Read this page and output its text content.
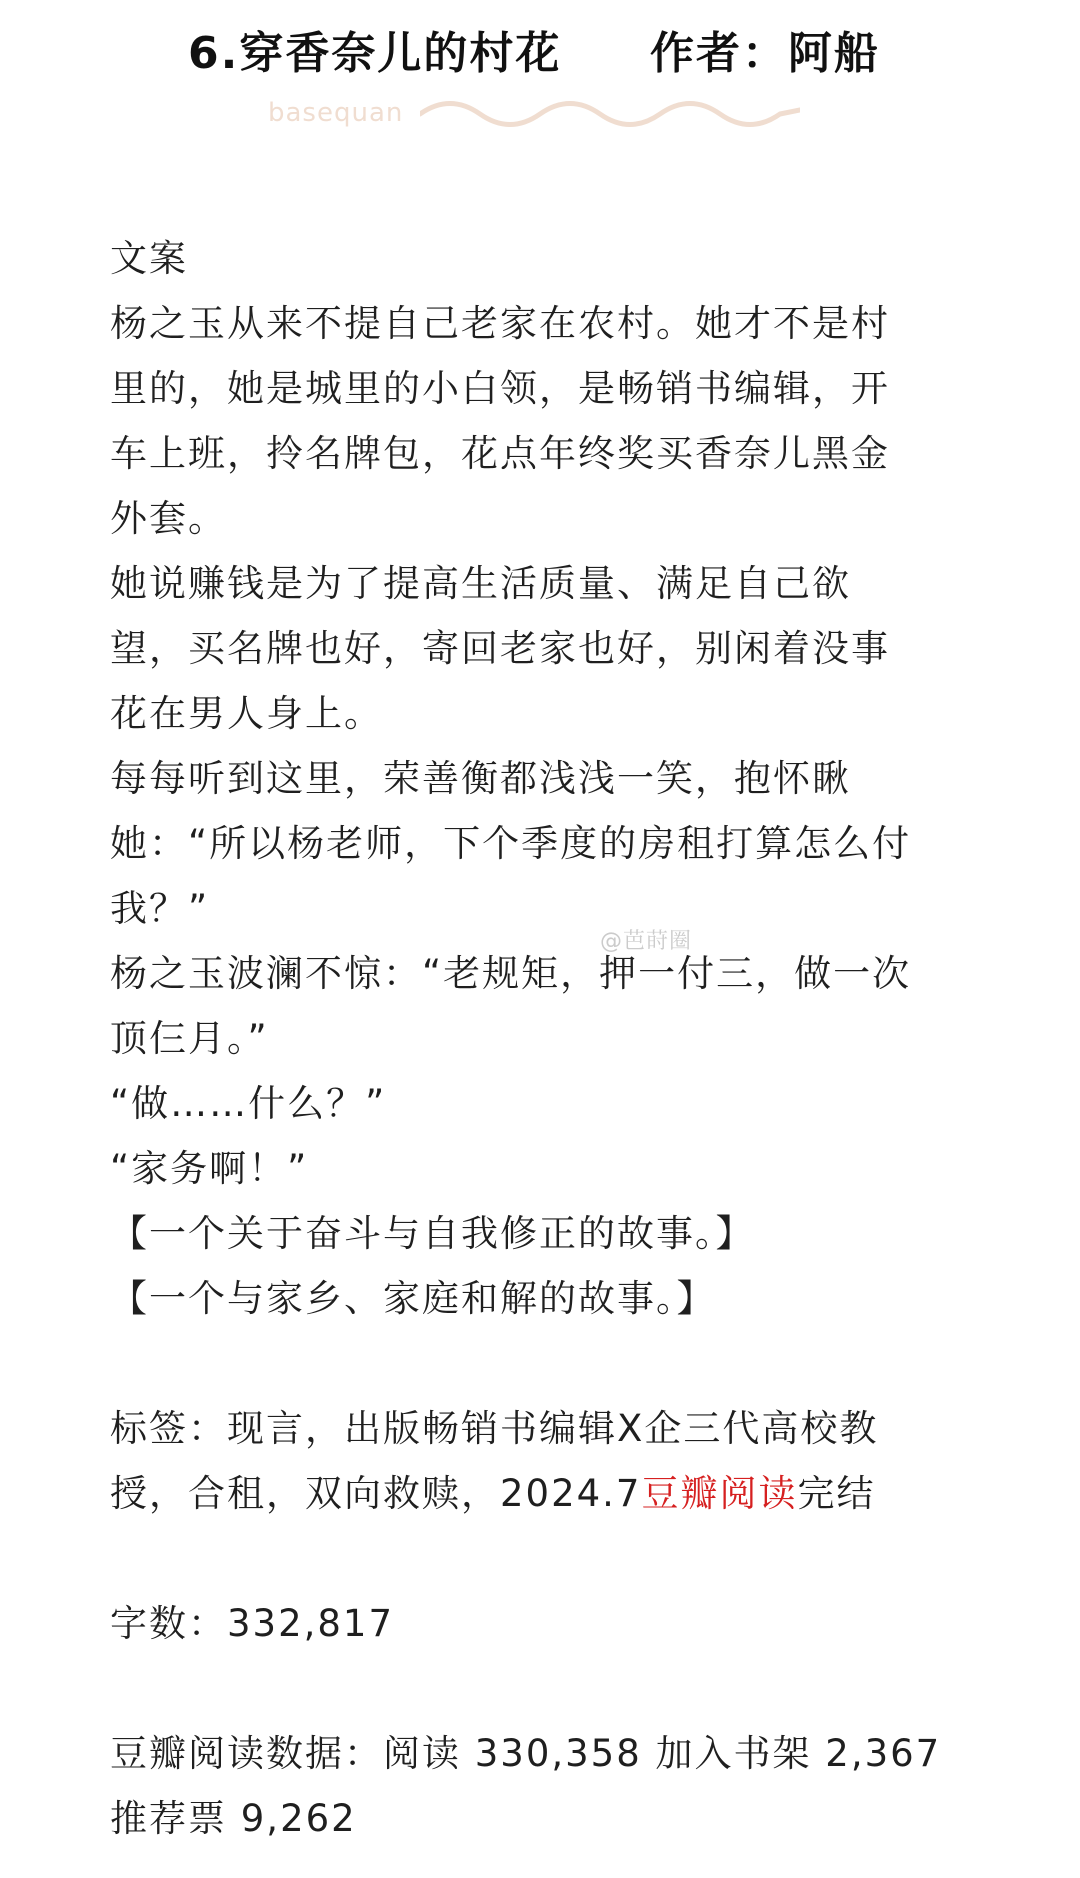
6.穿香奈儿的村花 作者：阿船
basequan
文案
杨之玉从来不提自己老家在农村。她才不是村
里的，她是城里的小白领，是畅销书编辑，开
车上班，拎名牌包，花点年终奖买香奈儿黑金
外套。
她说赚钱是为了提高生活质量、满足自己欲
望，买名牌也好，寄回老家也好，别闲着没事
花在男人身上。
每每听到这里，荣善衡都浅浅一笑，抱怀瞅
她：“所以杨老师，下个季度的房租打算怎么付
我？”
杨之玉波澜不惊：“老规矩，押一付三，做一次
顶仨月。”
“做……什么？”
“家务啊！”
【一个关于奋斗与自我修正的故事。】
【一个与家乡、家庭和解的故事。】
标签：现言，出版畅销书编辑X企三代高校教
授，合租，双向救赎，2024.7豆瓣阅读完结
字数：332,817
豆瓣阅读数据：阅读 330,358 加入书架 2,367
推荐票 9,262
@芭莳圈
